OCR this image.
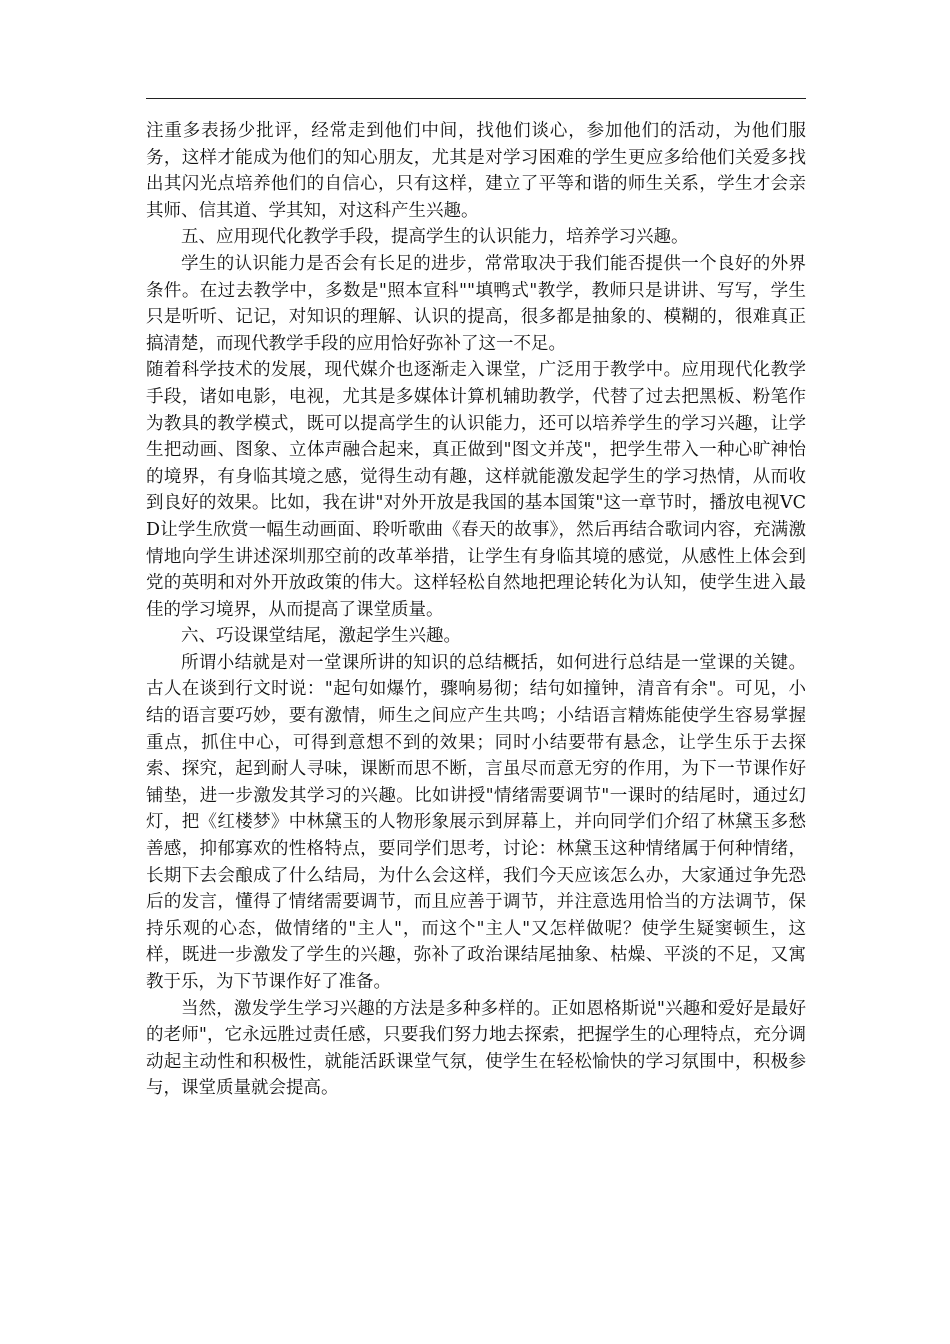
注重多表扬少批评，经常走到他们中间，找他们谈心，参加他们的活动，为他们服务，这样才能成为他们的知心朋友，尤其是对学习困难的学生更应多给他们关爱多找出其闪光点培养他们的自信心，只有这样，建立了平等和谐的师生关系，学生才会亲其师、信其道、学其知，对这科产生兴趣。

五、应用现代化教学手段，提高学生的认识能力，培养学习兴趣。

学生的认识能力是否会有长足的进步，常常取决于我们能否提供一个良好的外界条件。在过去教学中，多数是"照本宣科""填鸭式"教学，教师只是讲讲、写写，学生只是听听、记记，对知识的理解、认识的提高，很多都是抽象的、模糊的，很难真正搞清楚，而现代教学手段的应用恰好弥补了这一不足。

随着科学技术的发展，现代媒介也逐渐走入课堂，广泛用于教学中。应用现代化教学手段，诸如电影，电视，尤其是多媒体计算机辅助教学，代替了过去把黑板、粉笔作为教具的教学模式，既可以提高学生的认识能力，还可以培养学生的学习兴趣，让学生把动画、图象、立体声融合起来，真正做到"图文并茂"，把学生带入一种心旷神怡的境界，有身临其境之感，觉得生动有趣，这样就能激发起学生的学习热情，从而收到良好的效果。比如，我在讲"对外开放是我国的基本国策"这一章节时，播放电视VCD让学生欣赏一幅生动画面、聆听歌曲《春天的故事》，然后再结合歌词内容，充满激情地向学生讲述深圳那空前的改革举措，让学生有身临其境的感觉，从感性上体会到党的英明和对外开放政策的伟大。这样轻松自然地把理论转化为认知，使学生进入最佳的学习境界，从而提高了课堂质量。

六、巧设课堂结尾，激起学生兴趣。

所谓小结就是对一堂课所讲的知识的总结概括，如何进行总结是一堂课的关键。古人在谈到行文时说："起句如爆竹，骤响易彻；结句如撞钟，清音有余"。可见，小结的语言要巧妙，要有激情，师生之间应产生共鸣；小结语言精炼能使学生容易掌握重点，抓住中心，可得到意想不到的效果；同时小结要带有悬念，让学生乐于去探索、探究，起到耐人寻味，课断而思不断，言虽尽而意无穷的作用，为下一节课作好铺垫，进一步激发其学习的兴趣。比如讲授"情绪需要调节"一课时的结尾时，通过幻灯，把《红楼梦》中林黛玉的人物形象展示到屏幕上，并向同学们介绍了林黛玉多愁善感，抑郁寡欢的性格特点，要同学们思考，讨论：林黛玉这种情绪属于何种情绪，长期下去会酿成了什么结局，为什么会这样，我们今天应该怎么办，大家通过争先恐后的发言，懂得了情绪需要调节，而且应善于调节，并注意选用恰当的方法调节，保持乐观的心态，做情绪的"主人"，而这个"主人"又怎样做呢？使学生疑窦顿生，这样，既进一步激发了学生的兴趣，弥补了政治课结尾抽象、枯燥、平淡的不足，又寓教于乐，为下节课作好了准备。

当然，激发学生学习兴趣的方法是多种多样的。正如恩格斯说"兴趣和爱好是最好的老师"，它永远胜过责任感，只要我们努力地去探索，把握学生的心理特点，充分调动起主动性和积极性，就能活跃课堂气氛，使学生在轻松愉快的学习氛围中，积极参与，课堂质量就会提高。
